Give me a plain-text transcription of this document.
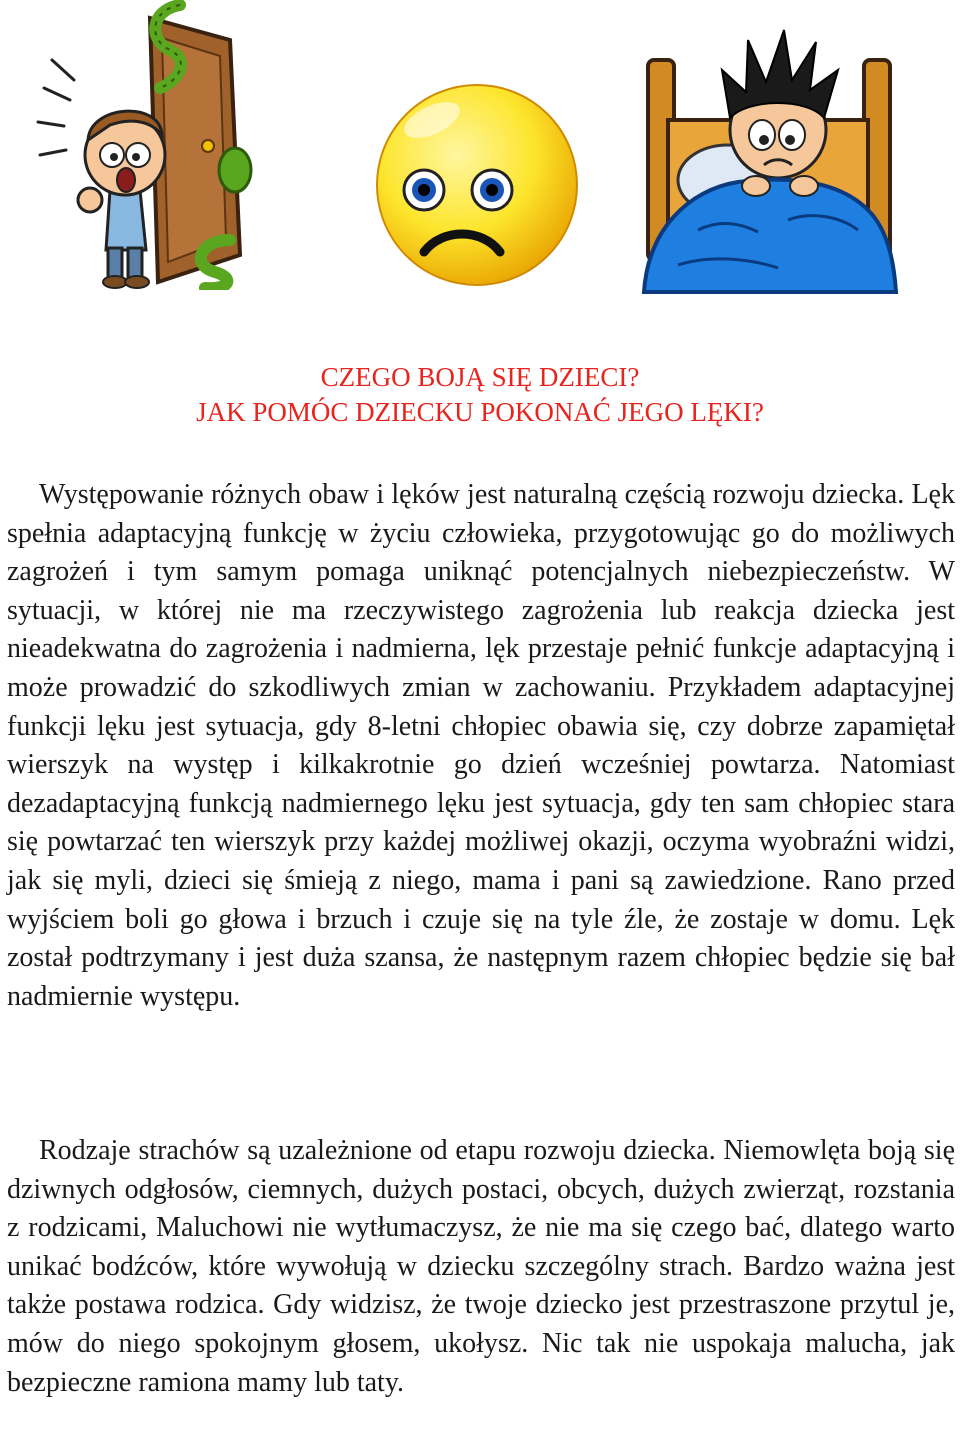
CZEGO BOJĄ SIĘ DZIECI?
JAK POMÓC DZIECKU POKONAĆ JEGO LĘKI?

Występowanie różnych obaw i lęków jest naturalną częścią rozwoju dziecka. Lęk spełnia adaptacyjną funkcję w życiu człowieka, przygotowując go do możliwych zagrożeń i tym samym pomaga uniknąć potencjalnych niebezpieczeństw. W sytuacji, w której nie ma rzeczywistego zagrożenia lub reakcja dziecka jest nieadekwatna do zagrożenia i nadmierna, lęk przestaje pełnić funkcje adaptacyjną i może prowadzić do szkodliwych zmian w zachowaniu. Przykładem adaptacyjnej funkcji lęku jest sytuacja, gdy 8-letni chłopiec obawia się, czy dobrze zapamiętał wierszyk na występ i kilkakrotnie go dzień wcześniej powtarza. Natomiast dezadaptacyjną funkcją nadmiernego lęku jest sytuacja, gdy ten sam chłopiec stara się powtarzać ten wierszyk przy każdej możliwej okazji, oczyma wyobraźni widzi, jak się myli, dzieci się śmieją z niego, mama i pani są zawiedzione. Rano przed wyjściem boli go głowa i brzuch i czuje się na tyle źle, że zostaje w domu. Lęk został podtrzymany i jest duża szansa, że następnym razem chłopiec będzie się bał nadmiernie występu.

Rodzaje strachów są uzależnione od etapu rozwoju dziecka. Niemowlęta boją się dziwnych odgłosów, ciemnych, dużych postaci, obcych, dużych zwierząt, rozstania z rodzicami, Maluchowi nie wytłumaczysz, że nie ma się czego bać, dlatego warto unikać bodźców, które wywołują w dziecku szczególny strach. Bardzo ważna jest także postawa rodzica. Gdy widzisz, że twoje dziecko jest przestraszone przytul je, mów do niego spokojnym głosem, ukołysz. Nic tak nie uspokaja malucha, jak bezpieczne ramiona mamy lub taty.
